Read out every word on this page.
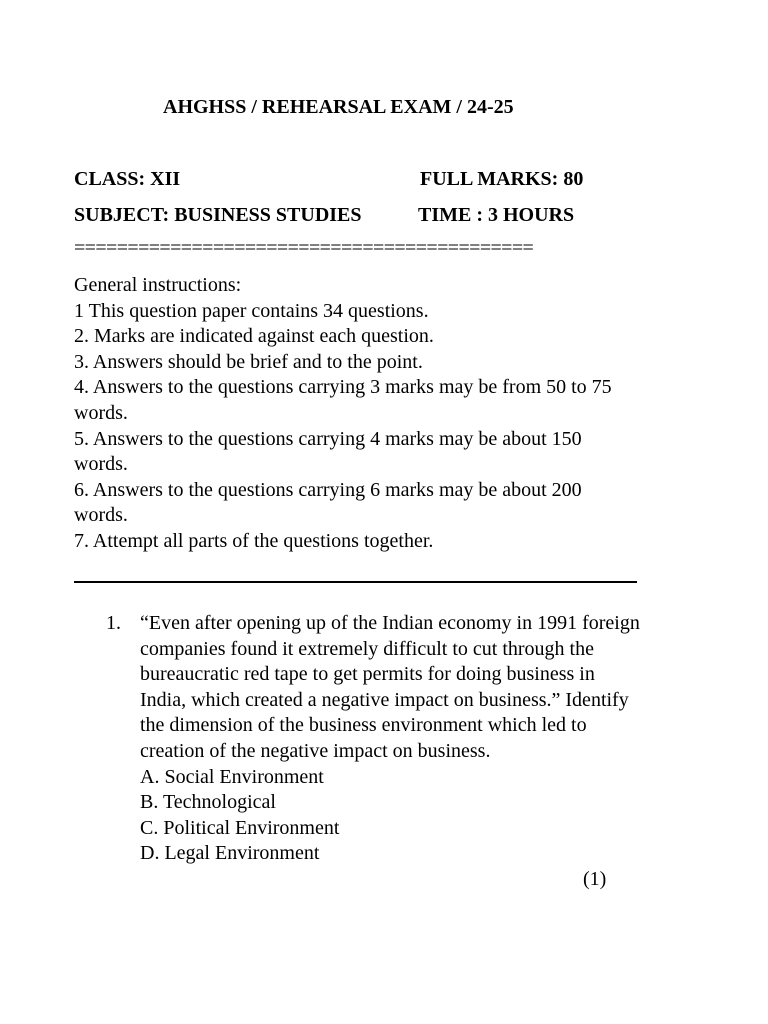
AHGHSS / REHEARSAL EXAM / 24-25
CLASS: XII	FULL MARKS: 80
SUBJECT: BUSINESS STUDIES	TIME : 3 HOURS
===========================================
General instructions:
1 This question paper contains 34 questions.
2. Marks are indicated against each question.
3. Answers should be brief and to the point.
4. Answers to the questions carrying 3 marks may be from 50 to 75 words.
5. Answers to the questions carrying 4 marks may be about 150 words.
6. Answers to the questions carrying 6 marks may be about 200 words.
7. Attempt all parts of the questions together.
1. “Even after opening up of the Indian economy in 1991 foreign companies found it extremely difficult to cut through the bureaucratic red tape to get permits for doing business in India, which created a negative impact on business.” Identify the dimension of the business environment which led to creation of the negative impact on business.
A. Social Environment
B. Technological
C. Political Environment
D. Legal Environment
(1)
